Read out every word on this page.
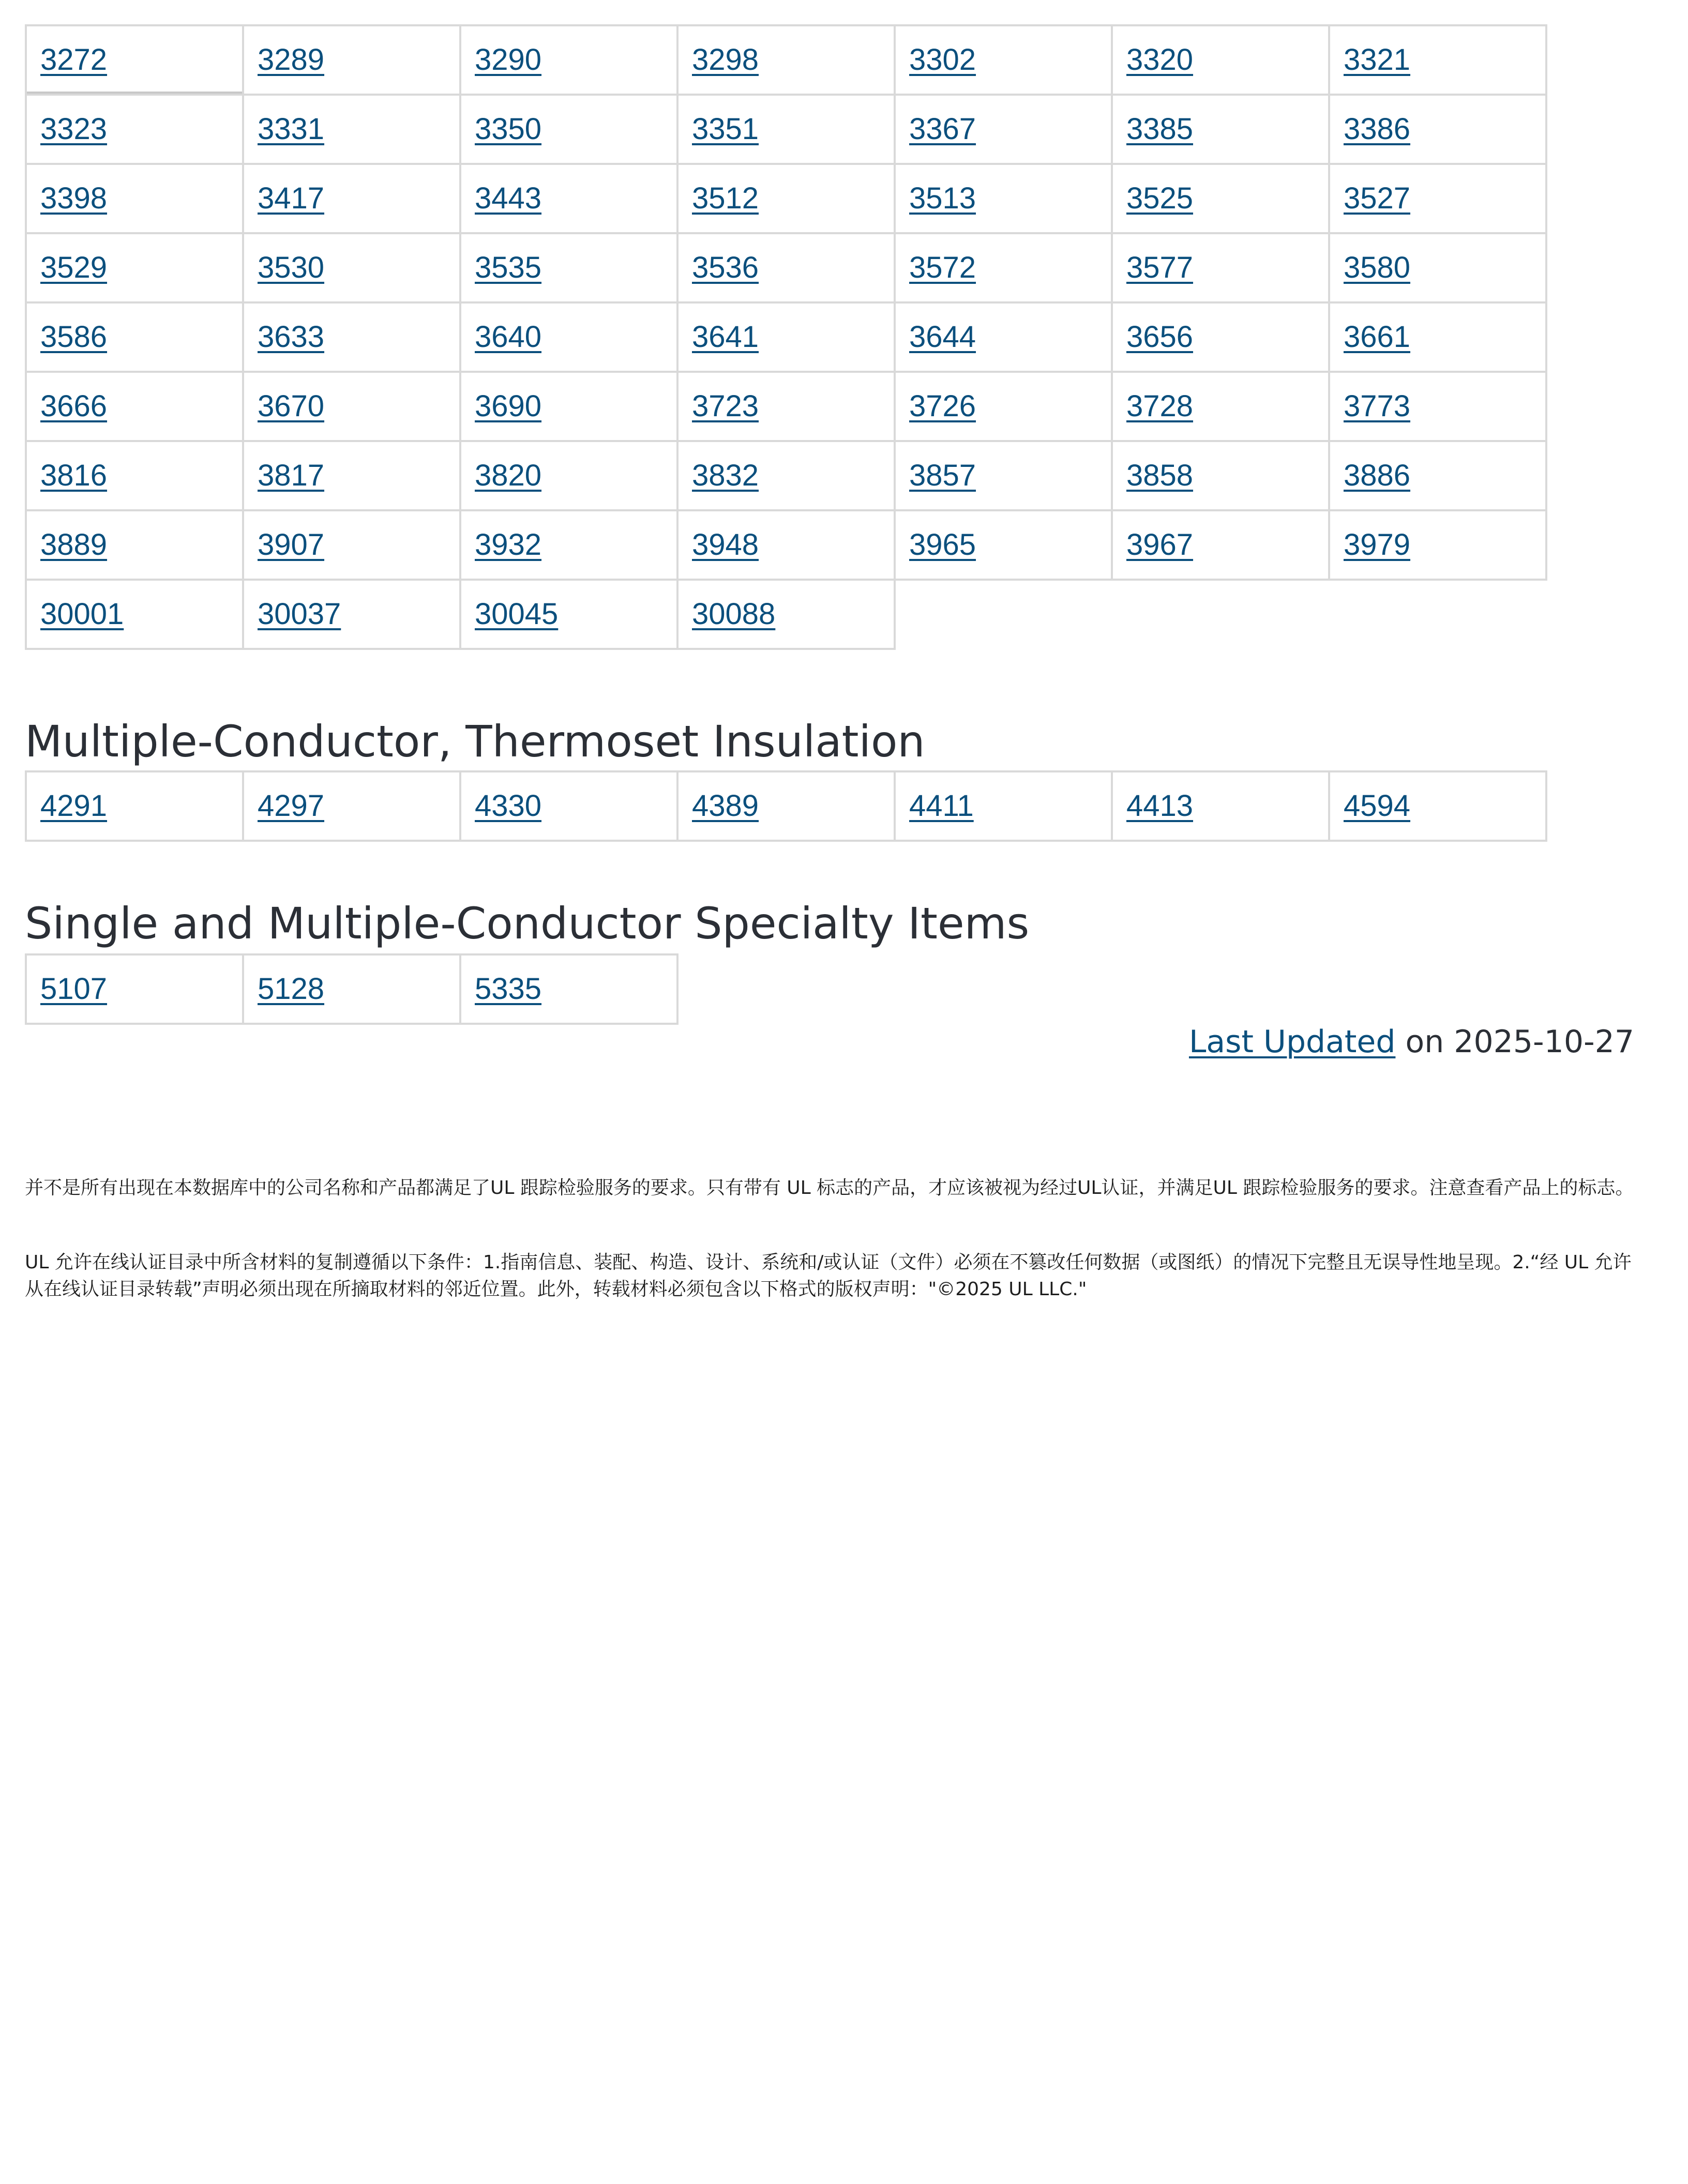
3272	3289	3290	3298	3302	3320	3321
3323	3331	3350	3351	3367	3385	3386
3398	3417	3443	3512	3513	3525	3527
3529	3530	3535	3536	3572	3577	3580
3586	3633	3640	3641	3644	3656	3661
3666	3670	3690	3723	3726	3728	3773
3816	3817	3820	3832	3857	3858	3886
3889	3907	3932	3948	3965	3967	3979
30001	30037	30045	30088			
Multiple-Conductor, Thermoset Insulation
4291	4297	4330	4389	4411	4413	4594
Single and Multiple-Conductor Specialty Items
5107	5128	5335
Last Updated on 2025-10-27

并不是所有出现在本数据库中的公司名称和产品都满足了UL 跟踪检验服务的要求。只有带有 UL 标志的产品，才应该被视为经过UL认证，并满足UL 跟踪检验服务的要求。注意查看产品上的标志。

UL 允许在线认证目录中所含材料的复制遵循以下条件：1.指南信息、装配、构造、设计、系统和/或认证（文件）必须在不篡改任何数据（或图纸）的情况下完整且无误导性地呈现。2.“经 UL 允许从在线认证目录转载”声明必须出现在所摘取材料的邻近位置。此外，转载材料必须包含以下格式的版权声明："©2025 UL LLC."
